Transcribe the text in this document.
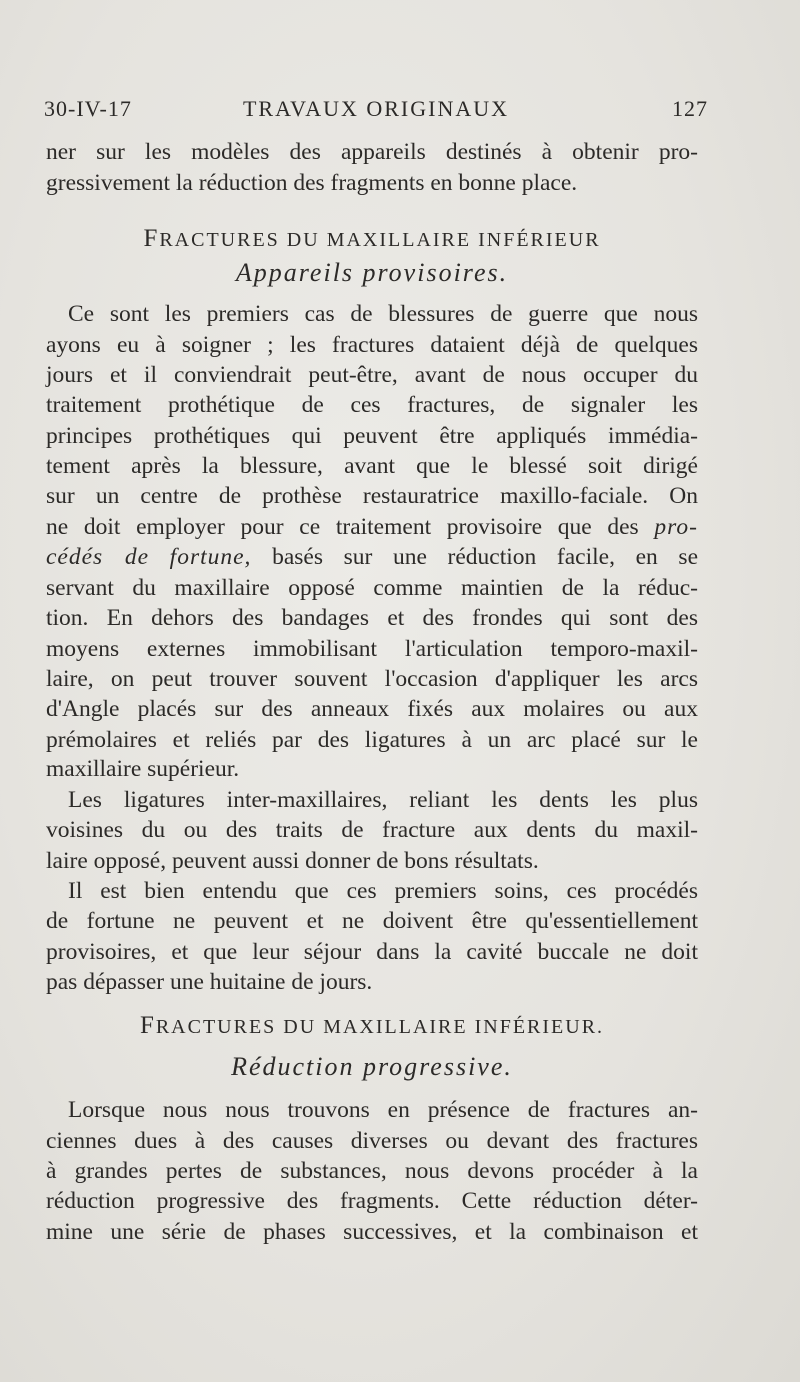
30-IV-17	TRAVAUX ORIGINAUX	127
ner sur les modèles des appareils destinés à obtenir pro-
gressivement la réduction des fragments en bonne place.
FRACTURES DU MAXILLAIRE INFÉRIEUR
Appareils provisoires.
Ce sont les premiers cas de blessures de guerre que nous
ayons eu à soigner ; les fractures dataient déjà de quelques
jours et il conviendrait peut-être, avant de nous occuper du
traitement prothétique de ces fractures, de signaler les
principes prothétiques qui peuvent être appliqués immédia-
tement après la blessure, avant que le blessé soit dirigé
sur un centre de prothèse restauratrice maxillo-faciale. On
ne doit employer pour ce traitement provisoire que des pro-
cédés de fortune, basés sur une réduction facile, en se
servant du maxillaire opposé comme maintien de la réduc-
tion. En dehors des bandages et des frondes qui sont des
moyens externes immobilisant l'articulation temporo-maxil-
laire, on peut trouver souvent l'occasion d'appliquer les arcs
d'Angle placés sur des anneaux fixés aux molaires ou aux
prémolaires et reliés par des ligatures à un arc placé sur le
maxillaire supérieur.
Les ligatures inter-maxillaires, reliant les dents les plus
voisines du ou des traits de fracture aux dents du maxil-
laire opposé, peuvent aussi donner de bons résultats.
Il est bien entendu que ces premiers soins, ces procédés
de fortune ne peuvent et ne doivent être qu'essentiellement
provisoires, et que leur séjour dans la cavité buccale ne doit
pas dépasser une huitaine de jours.
FRACTURES DU MAXILLAIRE INFÉRIEUR.
Réduction progressive.
Lorsque nous nous trouvons en présence de fractures an-
ciennes dues à des causes diverses ou devant des fractures
à grandes pertes de substances, nous devons procéder à la
réduction progressive des fragments. Cette réduction déter-
mine une série de phases successives, et la combinaison et
